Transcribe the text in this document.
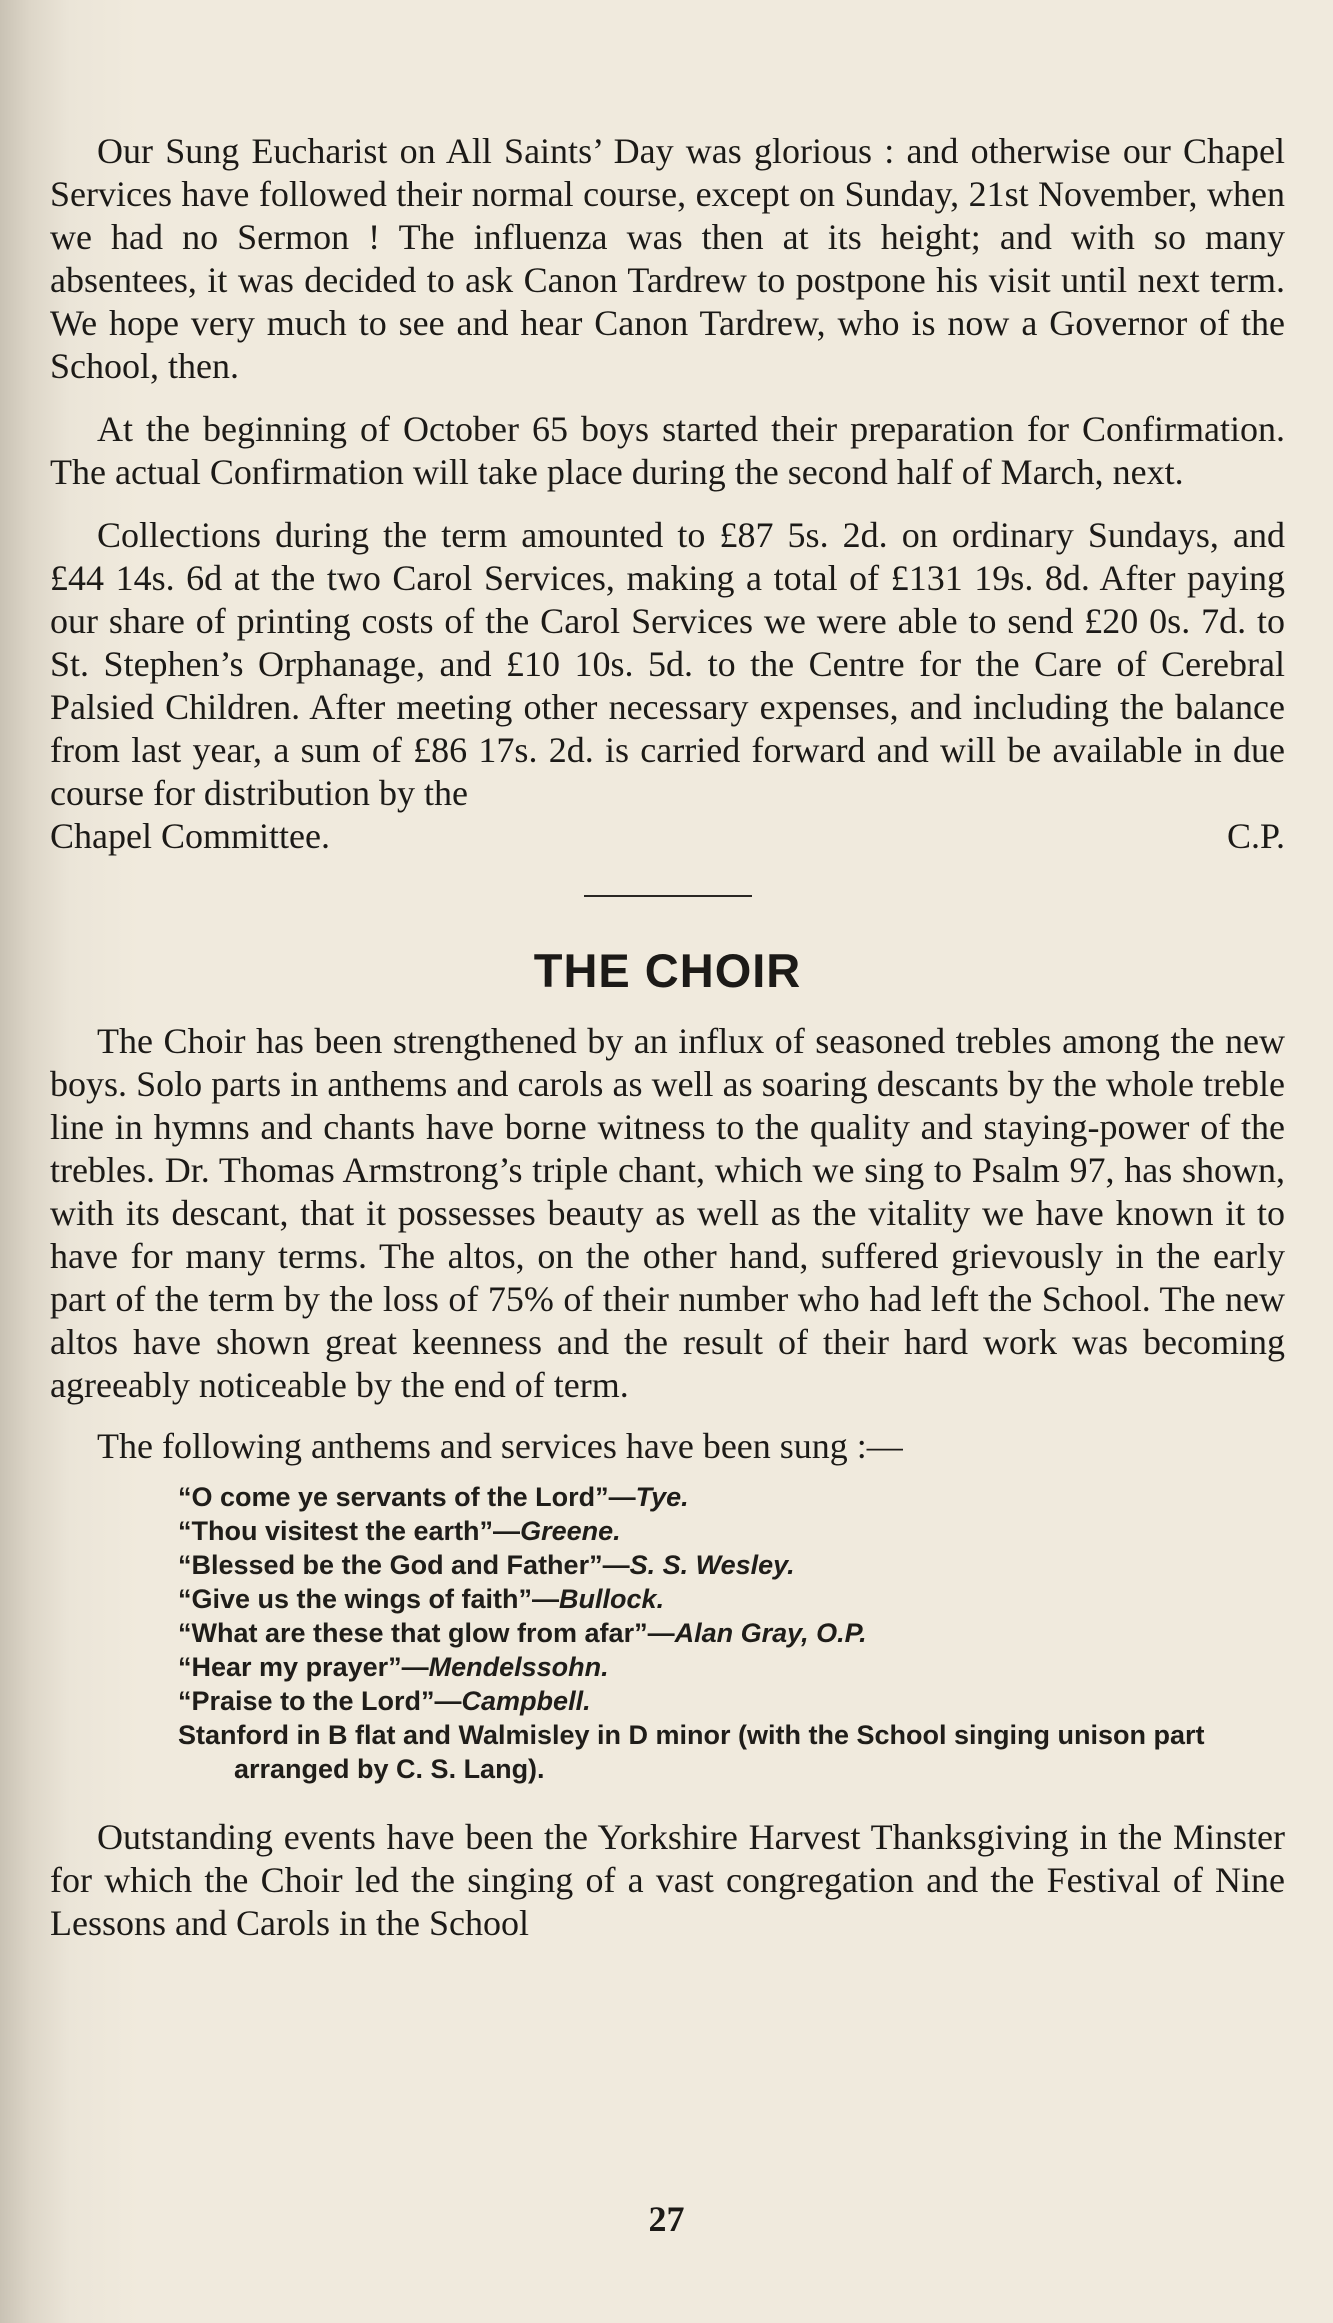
Our Sung Eucharist on All Saints’ Day was glorious : and otherwise our Chapel Services have followed their normal course, except on Sunday, 21st November, when we had no Sermon ! The influenza was then at its height; and with so many absentees, it was decided to ask Canon Tardrew to postpone his visit until next term. We hope very much to see and hear Canon Tardrew, who is now a Governor of the School, then.

At the beginning of October 65 boys started their preparation for Confirmation. The actual Confirmation will take place during the second half of March, next.

Collections during the term amounted to £87 5s. 2d. on ordinary Sundays, and £44 14s. 6d at the two Carol Services, making a total of £131 19s. 8d. After paying our share of printing costs of the Carol Services we were able to send £20 0s. 7d. to St. Stephen’s Orphanage, and £10 10s. 5d. to the Centre for the Care of Cerebral Palsied Children. After meeting other necessary expenses, and including the balance from last year, a sum of £86 17s. 2d. is carried forward and will be available in due course for distribution by the

Chapel Committee.	C.P.
THE CHOIR

The Choir has been strengthened by an influx of seasoned trebles among the new boys. Solo parts in anthems and carols as well as soaring descants by the whole treble line in hymns and chants have borne witness to the quality and staying-power of the trebles. Dr. Thomas Armstrong’s triple chant, which we sing to Psalm 97, has shown, with its descant, that it possesses beauty as well as the vitality we have known it to have for many terms. The altos, on the other hand, suffered grievously in the early part of the term by the loss of 75% of their number who had left the School. The new altos have shown great keenness and the result of their hard work was becoming agreeably noticeable by the end of term.

The following anthems and services have been sung :—

“O come ye servants of the Lord”—Tye.
“Thou visitest the earth”—Greene.
“Blessed be the God and Father”—S. S. Wesley.
“Give us the wings of faith”—Bullock.
“What are these that glow from afar”—Alan Gray, O.P.
“Hear my prayer”—Mendelssohn.
“Praise to the Lord”—Campbell.
Stanford in B flat and Walmisley in D minor (with the School singing unison part arranged by C. S. Lang).

Outstanding events have been the Yorkshire Harvest Thanksgiving in the Minster for which the Choir led the singing of a vast congregation and the Festival of Nine Lessons and Carols in the School

27
